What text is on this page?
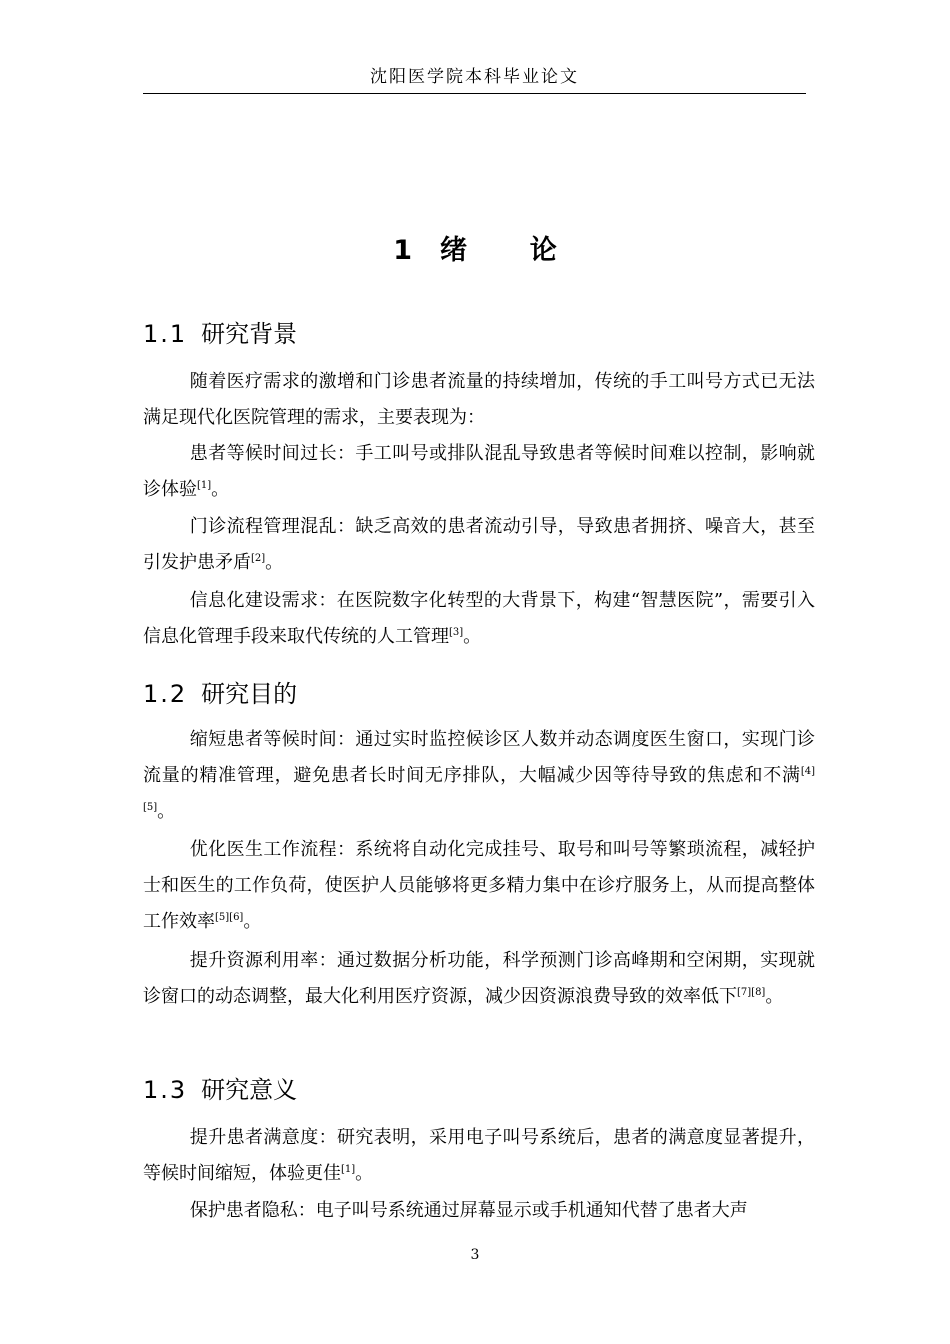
沈阳医学院本科毕业论文
1 绪  论
1.1 研究背景
随着医疗需求的激增和门诊患者流量的持续增加，传统的手工叫号方式已无法满足现代化医院管理的需求，主要表现为：
患者等候时间过长：手工叫号或排队混乱导致患者等候时间难以控制，影响就诊体验[1]。
门诊流程管理混乱：缺乏高效的患者流动引导，导致患者拥挤、噪音大，甚至引发护患矛盾[2]。
信息化建设需求：在医院数字化转型的大背景下，构建“智慧医院”，需要引入信息化管理手段来取代传统的人工管理[3]。
1.2 研究目的
缩短患者等候时间：通过实时监控候诊区人数并动态调度医生窗口，实现门诊流量的精准管理，避免患者长时间无序排队，大幅减少因等待导致的焦虑和不满[4][5]。
优化医生工作流程：系统将自动化完成挂号、取号和叫号等繁琐流程，减轻护士和医生的工作负荷，使医护人员能够将更多精力集中在诊疗服务上，从而提高整体工作效率[5][6]。
提升资源利用率：通过数据分析功能，科学预测门诊高峰期和空闲期，实现就诊窗口的动态调整，最大化利用医疗资源，减少因资源浪费导致的效率低下[7][8]。
1.3 研究意义
提升患者满意度：研究表明，采用电子叫号系统后，患者的满意度显著提升，等候时间缩短，体验更佳[1]。
保护患者隐私：电子叫号系统通过屏幕显示或手机通知代替了患者大声
3
